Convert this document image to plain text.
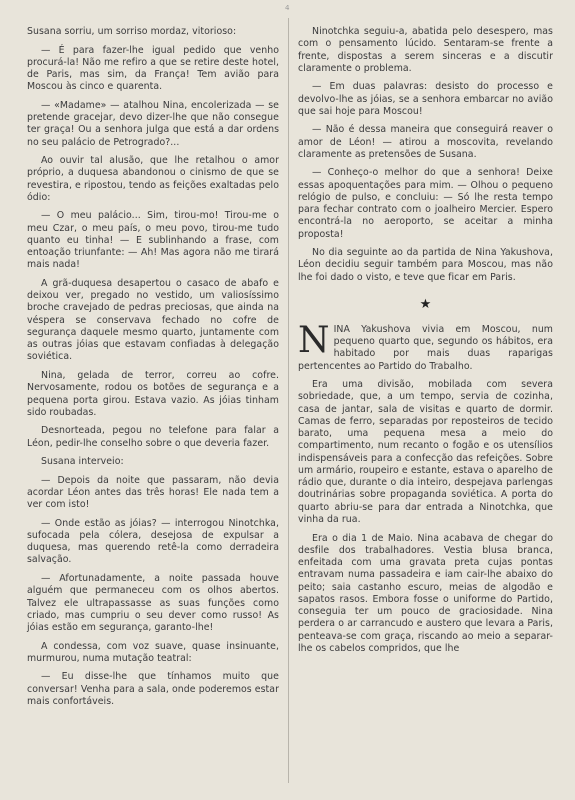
4

Susana sorriu, um sorriso mordaz, vitorioso:

— É para fazer-lhe igual pedido que venho procurá-la! Não me refiro a que se retire deste hotel, de Paris, mas sim, da França! Tem avião para Moscou às cinco e quarenta.

— «Madame» — atalhou Nina, encolerizada — se pretende gracejar, devo dizer-lhe que não consegue ter graça! Ou a senhora julga que está a dar ordens no seu palácio de Petrogrado?...

Ao ouvir tal alusão, que lhe retalhou o amor próprio, a duquesa abandonou o cinismo de que se revestira, e ripostou, tendo as feições exaltadas pelo ódio:

— O meu palácio... Sim, tirou-mo! Tirou-me o meu Czar, o meu país, o meu povo, tirou-me tudo quanto eu tinha! — E sublinhando a frase, com entoação triunfante: — Ah! Mas agora não me tirará mais nada!

A grã-duquesa desapertou o casaco de abafo e deixou ver, pregado no vestido, um valiosíssimo broche cravejado de pedras preciosas, que ainda na véspera se conservava fechado no cofre de segurança daquele mesmo quarto, juntamente com as outras jóias que estavam confiadas à delegação soviética.

Nina, gelada de terror, correu ao cofre. Nervosamente, rodou os botões de segurança e a pequena porta girou. Estava vazio. As jóias tinham sido roubadas.

Desnorteada, pegou no telefone para falar a Léon, pedir-lhe conselho sobre o que deveria fazer.

Susana interveio:

— Depois da noite que passaram, não devia acordar Léon antes das três horas! Ele nada tem a ver com isto!

— Onde estão as jóias? — interrogou Ninotchka, sufocada pela cólera, desejosa de expulsar a duquesa, mas querendo retê-la como derradeira salvação.

— Afortunadamente, a noite passada houve alguém que permaneceu com os olhos abertos. Talvez ele ultrapassasse as suas funções como criado, mas cumpriu o seu dever como russo! As jóias estão em segurança, garanto-lhe!

A condessa, com voz suave, quase insinuante, murmurou, numa mutação teatral:

— Eu disse-lhe que tínhamos muito que conversar! Venha para a sala, onde poderemos estar mais confortáveis.

Ninotchka seguiu-a, abatida pelo desespero, mas com o pensamento lúcido. Sentaram-se frente a frente, dispostas a serem sinceras e a discutir claramente o problema.

— Em duas palavras: desisto do processo e devolvo-lhe as jóias, se a senhora embarcar no avião que sai hoje para Moscou!

— Não é dessa maneira que conseguirá reaver o amor de Léon! — atirou a moscovita, revelando claramente as pretensões de Susana.

— Conheço-o melhor do que a senhora! Deixe essas apoquentações para mim. — Olhou o pequeno relógio de pulso, e concluiu: — Só lhe resta tempo para fechar contrato com o joalheiro Mercier. Espero encontrá-la no aeroporto, se aceitar a minha proposta!

No dia seguinte ao da partida de Nina Yakushova, Léon decidiu seguir também para Moscou, mas não lhe foi dado o visto, e teve que ficar em Paris.

★

NINA Yakushova vivia em Moscou, num pequeno quarto que, segundo os hábitos, era habitado por mais duas raparigas pertencentes ao Partido do Trabalho.

Era uma divisão, mobilada com severa sobriedade, que, a um tempo, servia de cozinha, casa de jantar, sala de visitas e quarto de dormir. Camas de ferro, separadas por reposteiros de tecido barato, uma pequena mesa a meio do compartimento, num recanto o fogão e os utensílios indispensáveis para a confecção das refeições. Sobre um armário, roupeiro e estante, estava o aparelho de rádio que, durante o dia inteiro, despejava parlengas doutrinárias sobre propaganda soviética. A porta do quarto abriu-se para dar entrada a Ninotchka, que vinha da rua.

Era o dia 1 de Maio. Nina acabava de chegar do desfile dos trabalhadores. Vestia blusa branca, enfeitada com uma gravata preta cujas pontas entravam numa passadeira e iam cair-lhe abaixo do peito; saia castanho escuro, meias de algodão e sapatos rasos. Embora fosse o uniforme do Partido, conseguia ter um pouco de graciosidade. Nina perdera o ar carrancudo e austero que levara a Paris, penteava-se com graça, riscando ao meio a separar-lhe os cabelos compridos, que lhe
